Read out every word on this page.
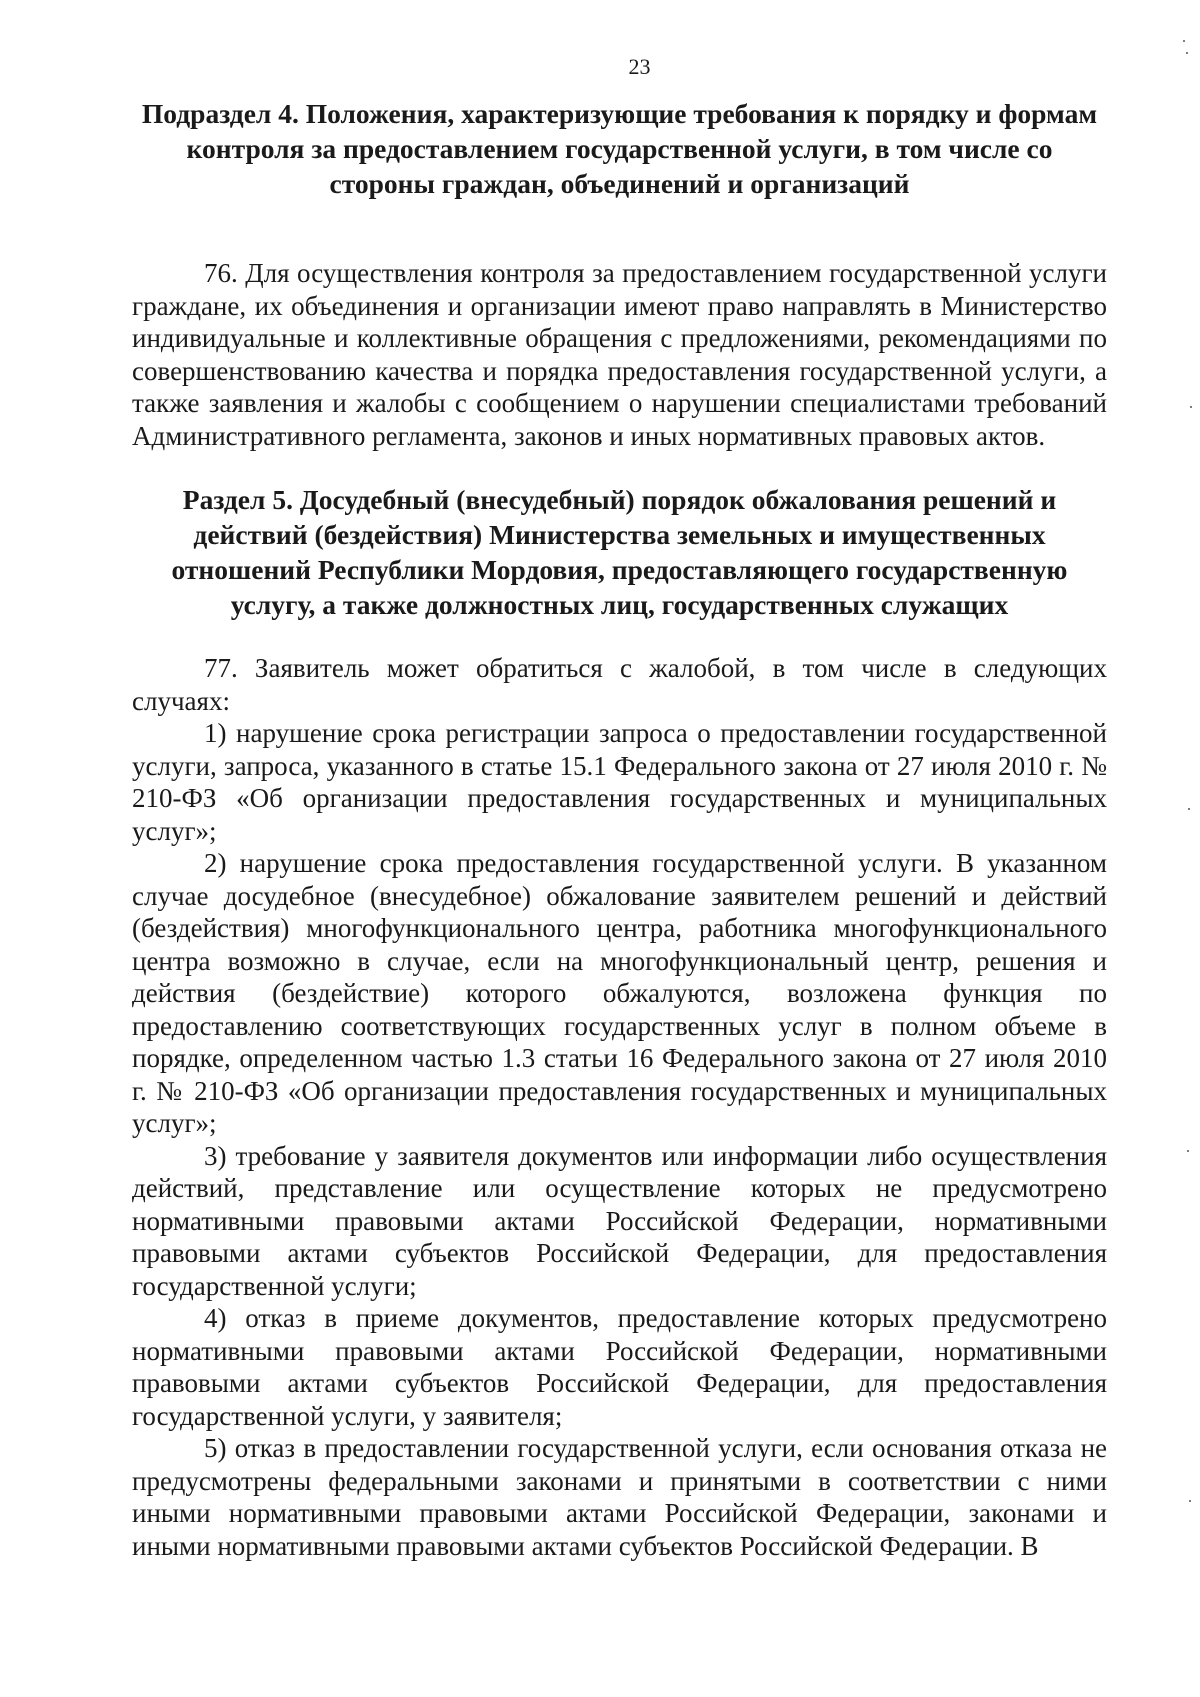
23
Подраздел 4. Положения, характеризующие требования к порядку и формам контроля за предоставлением государственной услуги, в том числе со стороны граждан, объединений и организаций

76. Для осуществления контроля за предоставлением государственной услуги граждане, их объединения и организации имеют право направлять в Министерство индивидуальные и коллективные обращения с предложениями, рекомендациями по совершенствованию качества и порядка предоставления государственной услуги, а также заявления и жалобы с сообщением о нарушении специалистами требований Административного регламента, законов и иных нормативных правовых актов.

Раздел 5. Досудебный (внесудебный) порядок обжалования решений и действий (бездействия) Министерства земельных и имущественных отношений Республики Мордовия, предоставляющего государственную услугу, а также должностных лиц, государственных служащих

77. Заявитель может обратиться с жалобой, в том числе в следующих случаях:

1) нарушение срока регистрации запроса о предоставлении государственной услуги, запроса, указанного в статье 15.1 Федерального закона от 27 июля 2010 г. № 210-ФЗ «Об организации предоставления государственных и муниципальных услуг»;

2) нарушение срока предоставления государственной услуги. В указанном случае досудебное (внесудебное) обжалование заявителем решений и действий (бездействия) многофункционального центра, работника многофункционального центра возможно в случае, если на многофункциональный центр, решения и действия (бездействие) которого обжалуются, возложена функция по предоставлению соответствующих государственных услуг в полном объеме в порядке, определенном частью 1.3 статьи 16 Федерального закона от 27 июля 2010 г. № 210-ФЗ «Об организации предоставления государственных и муниципальных услуг»;

3) требование у заявителя документов или информации либо осуществления действий, представление или осуществление которых не предусмотрено нормативными правовыми актами Российской Федерации, нормативными правовыми актами субъектов Российской Федерации, для предоставления государственной услуги;

4) отказ в приеме документов, предоставление которых предусмотрено нормативными правовыми актами Российской Федерации, нормативными правовыми актами субъектов Российской Федерации, для предоставления государственной услуги, у заявителя;

5) отказ в предоставлении государственной услуги, если основания отказа не предусмотрены федеральными законами и принятыми в соответствии с ними иными нормативными правовыми актами Российской Федерации, законами и иными нормативными правовыми актами субъектов Российской Федерации. В
